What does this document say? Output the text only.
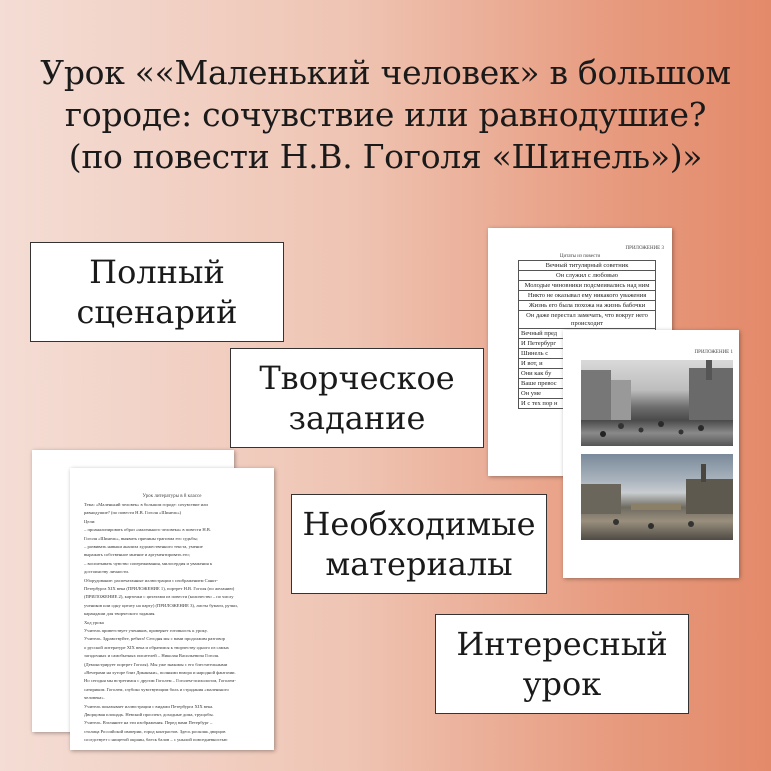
Урок ««Маленький человек» в большом
городе: сочувствие или равнодушие?
(по повести Н.В. Гоголя «Шинель»)»
ПРИЛОЖЕНИЕ 3
Цитаты из повести
Вечный титулярный советник
Он служил с любовью
Молодые чиновники подсмеивались над ним
Никто не оказывал ему никакого уважения
Жизнь его была похожа на жизнь бабочки
Он даже перестал замечать, что вокруг него происходит
Вечный пред
И Петербург
Шинель с
И вот, и
Они как бу
Ваше превос
Он уме
И с тех пор н
ПРИЛОЖЕНИЕ 1
Урок литературы в 8 классе
Тема: «Маленький человек» в большом городе: сочувствие или
равнодушие? (по повести Н.В. Гоголя «Шинель»)
Цели:
– проанализировать образ «маленького человека» в повести Н.В.
Гоголя «Шинель», выявить причины трагизма его судьбы;
– развивать навыки анализа художественного текста, умение
выражать собственное мнение и аргументировать его;
– воспитывать чувство сопереживания, милосердия и уважения к
достоинству личности.
Оборудование: распечатанные иллюстрации с изображением Санкт-
Петербурга XIX века (ПРИЛОЖЕНИЕ 1), портрет Н.В. Гоголя (по желанию)
(ПРИЛОЖЕНИЕ 2), карточки с цитатами из повести (количество – по числу
учеников или одну цитату на парту) (ПРИЛОЖЕНИЕ 3), листы бумаги, ручки,
карандаши для творческого задания.
Ход урока
Учитель приветствует учеников, проверяет готовность к уроку.
Учитель. Здравствуйте, ребята! Сегодня мы с вами продолжим разговор
о русской литературе XIX века и обратимся к творчеству одного из самых
загадочных и самобытных писателей – Николая Васильевича Гоголя.
(Демонстрирует портрет Гоголя). Мы уже знакомы с его блестательными
«Вечерами на хуторе близ Диканьки», полными юмора и народной фантазии.
Но сегодня мы встретимся с другим Гоголем – Гоголем-психологом, Гоголем-
сатириком. Гоголем, глубоко чувствующим боль и страдания «маленького
человека».
Учитель показывает иллюстрации с видами Петербурга XIX века.
Дворцовая площадь. Невский проспект, доходные дома, трущобы.
Учитель. Взгляните на эти изображения. Перед вами Петербург –
столица Российской империи, город контрастов. Здесь роскошь дворцов
соседствует с нищетой окраин, блеск балов – с унылой повседневностью
Полный
сценарий
Творческое
задание
Необходимые
материалы
Интересный
урок
